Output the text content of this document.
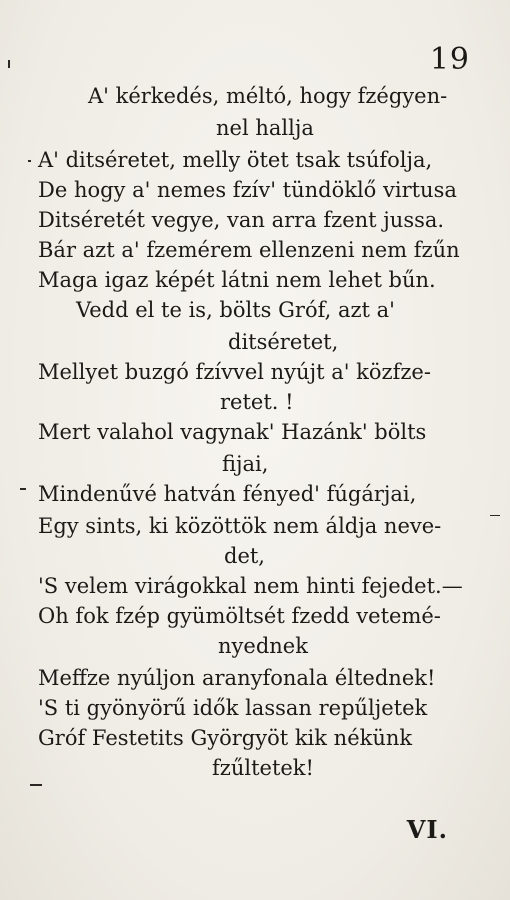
19
A' kérkedés, méltó, hogy fzégyen-
nel hallja
A' ditséretet, melly ötet tsak tsúfolja,
De hogy a' nemes fzív' tündöklő virtusa
Ditséretét vegye, van arra fzent jussa.
Bár azt a' fzemérem ellenzeni nem fzűn
Maga igaz képét látni nem lehet bűn.
Vedd el te is, bölts Gróf, azt a'
ditséretet,
Mellyet buzgó fzívvel nyújt a' közfze-
retet. !
Mert valahol vagynak' Hazánk' bölts
fijai,
Mindenűvé hatván fényed' fúgárjai,
Egy sints, ki közöttök nem áldja neve-
det,
'S velem virágokkal nem hinti fejedet.—
Oh fok fzép gyümöltsét fzedd vetemé-
nyednek
Meffze nyúljon aranyfonala éltednek!
'S ti gyönyörű idők lassan repűljetek
Gróf Festetits Györgyöt kik nékünk
fzűltetek!
VI.
